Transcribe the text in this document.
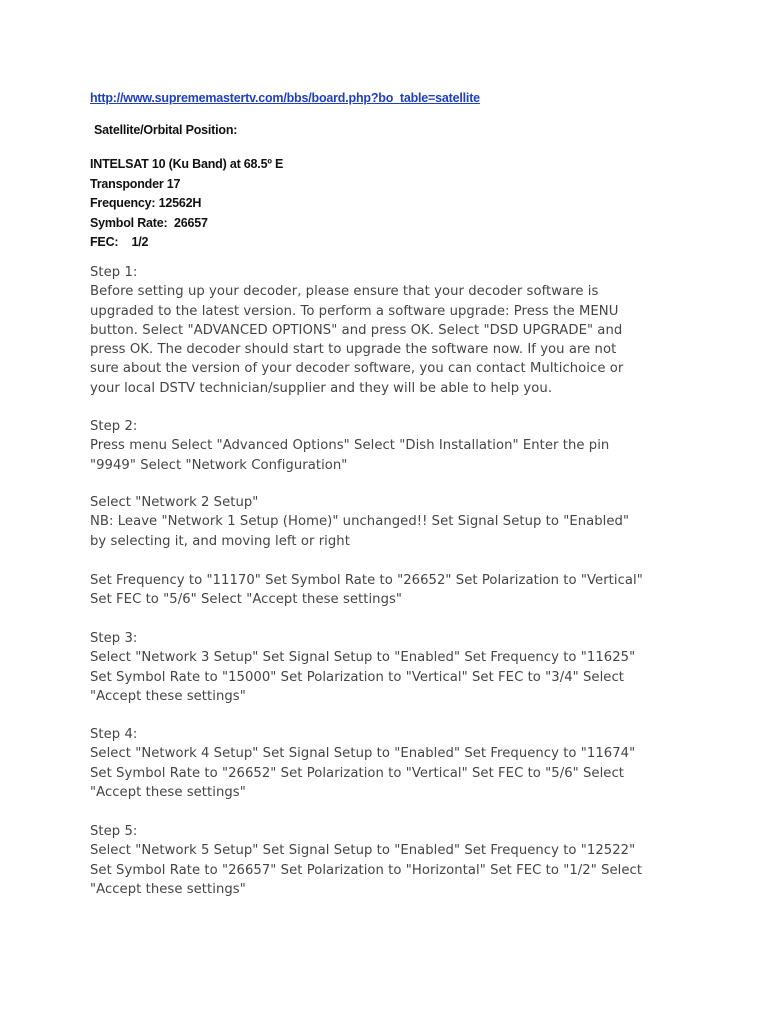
http://www.suprememastertv.com/bbs/board.php?bo_table=satellite
Satellite/Orbital Position:
INTELSAT 10 (Ku Band) at 68.5º E
Transponder 17
Frequency: 12562H
Symbol Rate:  26657
FEC:    1/2
Step 1:
Before setting up your decoder, please ensure that your decoder software is
upgraded to the latest version. To perform a software upgrade: Press the MENU
button. Select "ADVANCED OPTIONS" and press OK. Select "DSD UPGRADE" and
press OK. The decoder should start to upgrade the software now. If you are not
sure about the version of your decoder software, you can contact Multichoice or
your local DSTV technician/supplier and they will be able to help you.
Step 2:
Press menu Select "Advanced Options" Select "Dish Installation" Enter the pin
"9949" Select "Network Configuration"
Select "Network 2 Setup"
NB: Leave "Network 1 Setup (Home)" unchanged!! Set Signal Setup to "Enabled"
by selecting it, and moving left or right
Set Frequency to "11170" Set Symbol Rate to "26652" Set Polarization to "Vertical"
Set FEC to "5/6" Select "Accept these settings"
Step 3:
Select "Network 3 Setup" Set Signal Setup to "Enabled" Set Frequency to "11625"
Set Symbol Rate to "15000" Set Polarization to "Vertical" Set FEC to "3/4" Select
"Accept these settings"
Step 4:
Select "Network 4 Setup" Set Signal Setup to "Enabled" Set Frequency to "11674"
Set Symbol Rate to "26652" Set Polarization to "Vertical" Set FEC to "5/6" Select
"Accept these settings"
Step 5:
Select "Network 5 Setup" Set Signal Setup to "Enabled" Set Frequency to "12522"
Set Symbol Rate to "26657" Set Polarization to "Horizontal" Set FEC to "1/2" Select
"Accept these settings"
